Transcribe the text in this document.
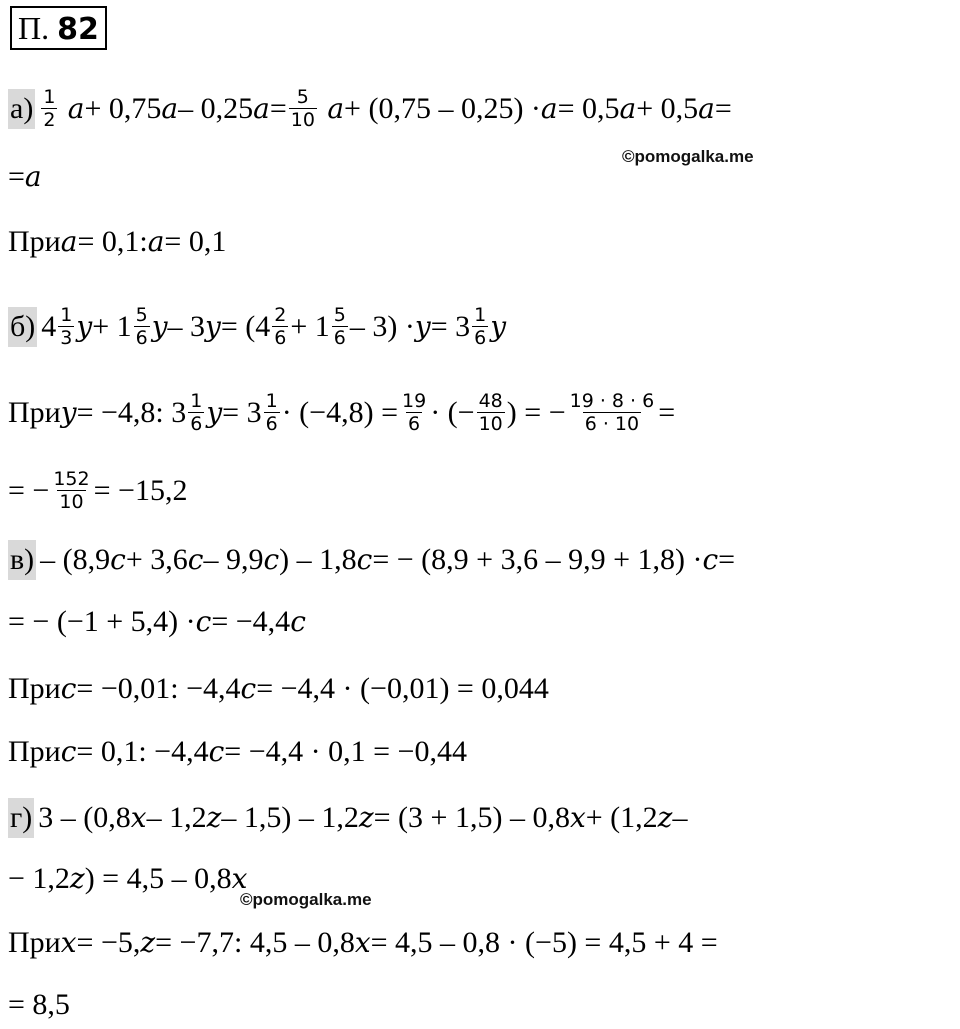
П. 82
$а) \frac{1}{2}$ a + 0,75 a – 0,25 $a = \frac{5}{10}$ a + (0,75 – 0,25) · a = 0,5 a + 0,5 a =
©pomogalka.me
= a
При a = 0,1: a = 0,1
б) $4 \frac{1}{3}$ $y + 1 \frac{5}{6}$ y – 3 $y = (4 \frac{2}{6} + 1 \frac{5}{6} - 3) \cdot y = 3 \frac{1}{6}$ y
При y = −4,8: $3 \frac{1}{6}$ $y = 3 \frac{1}{6} \cdot (-4,8) = \frac{19}{6}$ · (− $\frac{48}{10}$ ) = − $\frac{19 \cdot 8 \cdot 6}{6 \cdot 10}$ =
= − $\frac{152}{10} = -15,2$
в) – (8,9 c + 3,6 c – 9,9 c ) – 1,8 c = − (8,9 + 3,6 – 9,9 + 1,8) · c =
= − (−1 + 5,4) · c = −4,4 c
При c = −0,01: −4,4 c = −4,4 · (−0,01) = 0,044
При c = 0,1: −4,4 c = −4,4 · 0,1 = −0,44
г) 3 – (0,8 x – 1,2 z – 1,5) – 1,2 z = (3 + 1,5) – 0,8 x + (1,2 z –
− 1,2 z ) = 4,5 – 0,8 x
©pomogalka.me
При x = −5, z = −7,7: 4,5 – 0,8 x = 4,5 – 0,8 · (−5) = 4,5 + 4 =
= 8,5
